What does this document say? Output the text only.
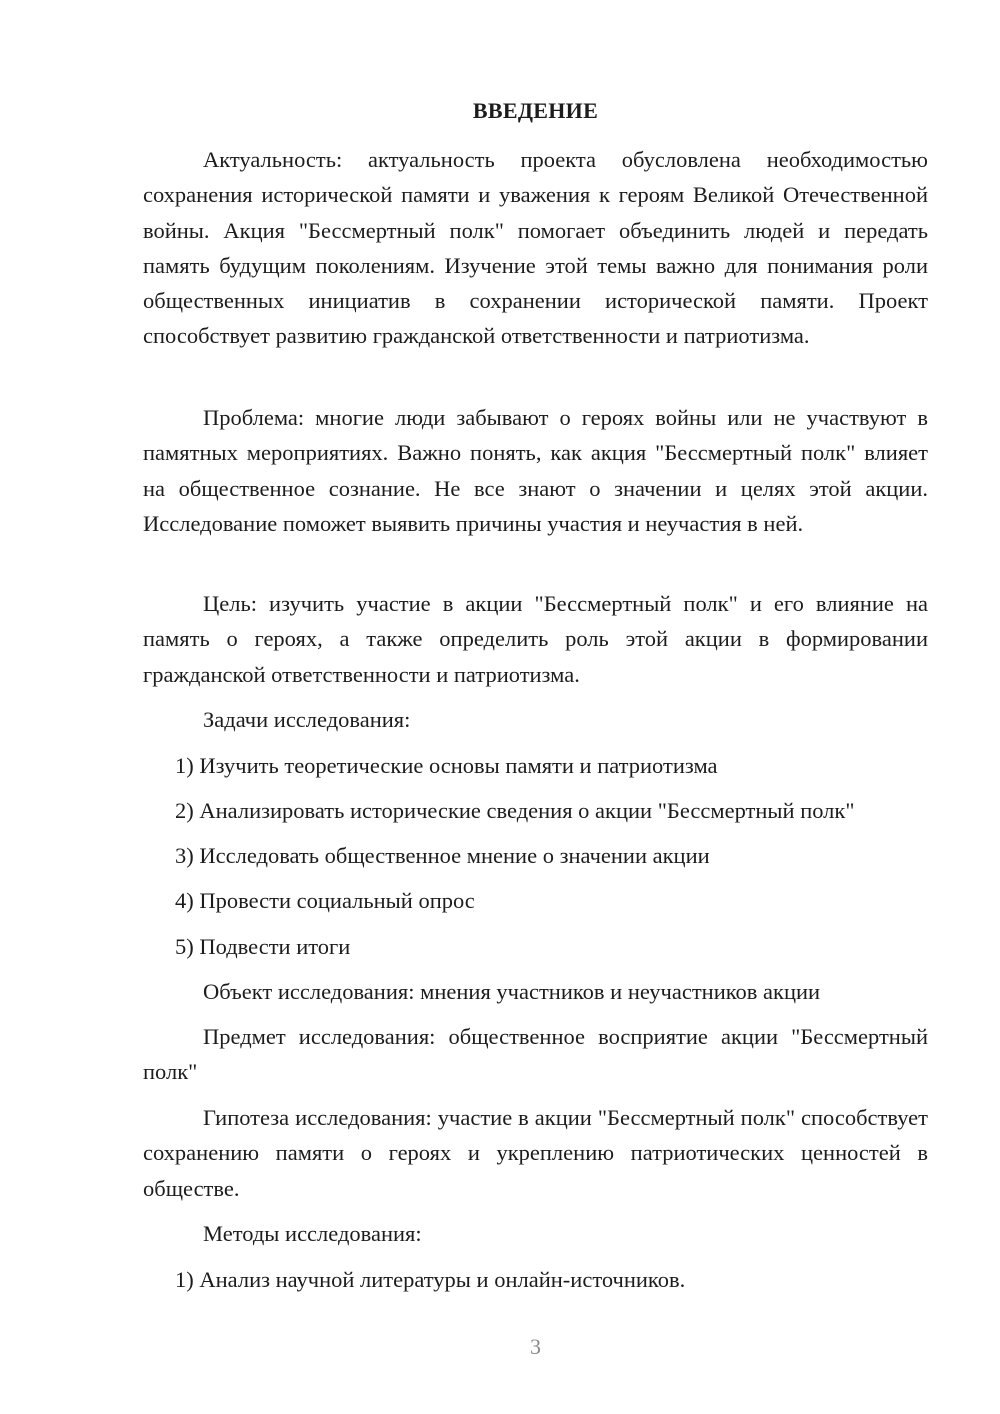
ВВЕДЕНИЕ

Актуальность: актуальность проекта обусловлена необходимостью сохранения исторической памяти и уважения к героям Великой Отечественной войны. Акция "Бессмертный полк" помогает объединить людей и передать память будущим поколениям. Изучение этой темы важно для понимания роли общественных инициатив в сохранении исторической памяти. Проект способствует развитию гражданской ответственности и патриотизма.

Проблема: многие люди забывают о героях войны или не участвуют в памятных мероприятиях. Важно понять, как акция "Бессмертный полк" влияет на общественное сознание. Не все знают о значении и целях этой акции. Исследование поможет выявить причины участия и неучастия в ней.

Цель: изучить участие в акции "Бессмертный полк" и его влияние на память о героях, а также определить роль этой акции в формировании гражданской ответственности и патриотизма.

Задачи исследования:

1) Изучить теоретические основы памяти и патриотизма

2) Анализировать исторические сведения о акции "Бессмертный полк"

3) Исследовать общественное мнение о значении акции

4) Провести социальный опрос

5) Подвести итоги

Объект исследования: мнения участников и неучастников акции

Предмет исследования: общественное восприятие акции "Бессмертный полк"

Гипотеза исследования: участие в акции "Бессмертный полк" способствует сохранению памяти о героях и укреплению патриотических ценностей в обществе.

Методы исследования:

1) Анализ научной литературы и онлайн-источников.

3
